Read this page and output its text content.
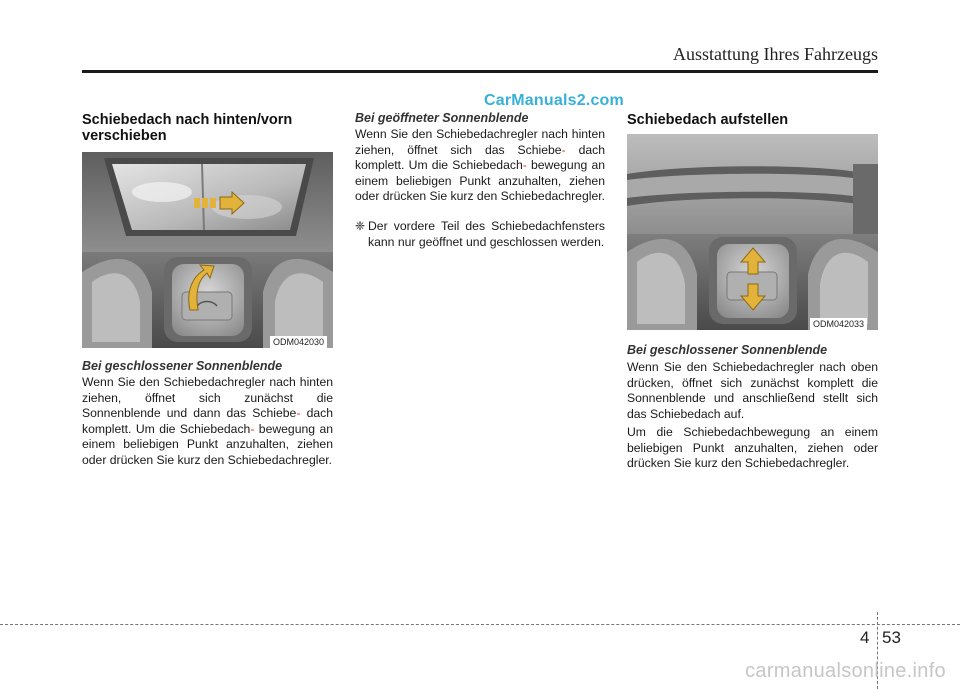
Ausstattung Ihres Fahrzeugs
CarManuals2.com
Schiebedach nach hinten/vorn verschieben
ODM042030
Bei geschlossener Sonnenblende

Wenn Sie den Schiebedachregler nach hinten ziehen, öffnet sich zunächst die Sonnenblende und dann das Schiebe- dach komplett. Um die Schiebedach- bewegung an einem beliebigen Punkt anzuhalten, ziehen oder drücken Sie kurz den Schiebedachregler.

Bei geöffneter Sonnenblende

Wenn Sie den Schiebedachregler nach hinten ziehen, öffnet sich das Schiebe- dach komplett. Um die Schiebedach- bewegung an einem beliebigen Punkt anzuhalten, ziehen oder drücken Sie kurz den Schiebedachregler.

❈ Der vordere Teil des Schiebedachfensters kann nur geöffnet und geschlossen werden.
Schiebedach aufstellen
ODM042033
Bei geschlossener Sonnenblende

Wenn Sie den Schiebedachregler nach oben drücken, öffnet sich zunächst komplett die Sonnenblende und anschließend stellt sich das Schiebedach auf.

Um die Schiebedachbewegung an einem beliebigen Punkt anzuhalten, ziehen oder drücken Sie kurz den Schiebedachregler.

4 53
carmanualsonline.info
